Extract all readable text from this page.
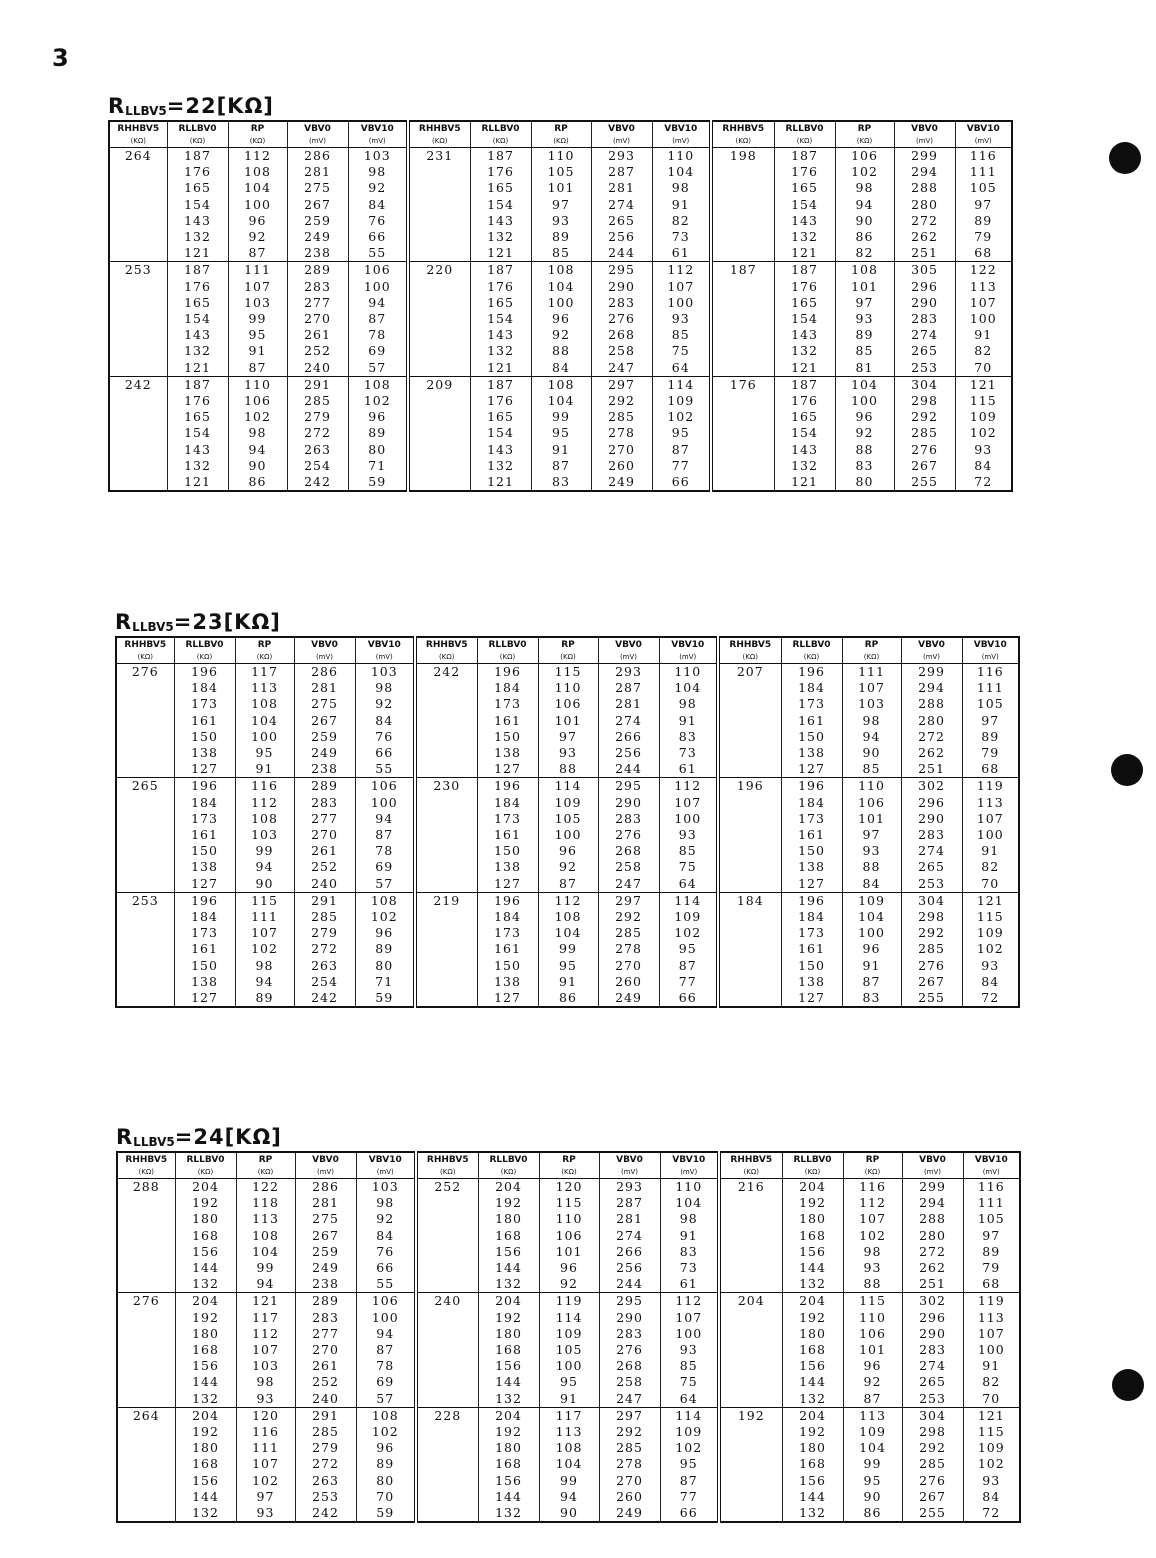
3
RLLBV5=22[KΩ]
RHHBV5	RLLBV0	RP	VBV0	VBV10	RHHBV5	RLLBV0	RP	VBV0	VBV10	RHHBV5	RLLBV0	RP	VBV0	VBV10
(KΩ)	(KΩ)	(KΩ)	(mV)	(mV)	(KΩ)	(KΩ)	(KΩ)	(mV)	(mV)	(KΩ)	(KΩ)	(KΩ)	(mV)	(mV)
264	187	112	286	103	231	187	110	293	110	198	187	106	299	116
	176	108	281	98		176	105	287	104		176	102	294	111
	165	104	275	92		165	101	281	98		165	98	288	105
	154	100	267	84		154	97	274	91		154	94	280	97
	143	96	259	76		143	93	265	82		143	90	272	89
	132	92	249	66		132	89	256	73		132	86	262	79
	121	87	238	55		121	85	244	61		121	82	251	68
253	187	111	289	106	220	187	108	295	112	187	187	108	305	122
	176	107	283	100		176	104	290	107		176	101	296	113
	165	103	277	94		165	100	283	100		165	97	290	107
	154	99	270	87		154	96	276	93		154	93	283	100
	143	95	261	78		143	92	268	85		143	89	274	91
	132	91	252	69		132	88	258	75		132	85	265	82
	121	87	240	57		121	84	247	64		121	81	253	70
242	187	110	291	108	209	187	108	297	114	176	187	104	304	121
	176	106	285	102		176	104	292	109		176	100	298	115
	165	102	279	96		165	99	285	102		165	96	292	109
	154	98	272	89		154	95	278	95		154	92	285	102
	143	94	263	80		143	91	270	87		143	88	276	93
	132	90	254	71		132	87	260	77		132	83	267	84
	121	86	242	59		121	83	249	66		121	80	255	72
RLLBV5=23[KΩ]
RHHBV5	RLLBV0	RP	VBV0	VBV10	RHHBV5	RLLBV0	RP	VBV0	VBV10	RHHBV5	RLLBV0	RP	VBV0	VBV10
(KΩ)	(KΩ)	(KΩ)	(mV)	(mV)	(KΩ)	(KΩ)	(KΩ)	(mV)	(mV)	(KΩ)	(KΩ)	(KΩ)	(mV)	(mV)
276	196	117	286	103	242	196	115	293	110	207	196	111	299	116
	184	113	281	98		184	110	287	104		184	107	294	111
	173	108	275	92		173	106	281	98		173	103	288	105
	161	104	267	84		161	101	274	91		161	98	280	97
	150	100	259	76		150	97	266	83		150	94	272	89
	138	95	249	66		138	93	256	73		138	90	262	79
	127	91	238	55		127	88	244	61		127	85	251	68
265	196	116	289	106	230	196	114	295	112	196	196	110	302	119
	184	112	283	100		184	109	290	107		184	106	296	113
	173	108	277	94		173	105	283	100		173	101	290	107
	161	103	270	87		161	100	276	93		161	97	283	100
	150	99	261	78		150	96	268	85		150	93	274	91
	138	94	252	69		138	92	258	75		138	88	265	82
	127	90	240	57		127	87	247	64		127	84	253	70
253	196	115	291	108	219	196	112	297	114	184	196	109	304	121
	184	111	285	102		184	108	292	109		184	104	298	115
	173	107	279	96		173	104	285	102		173	100	292	109
	161	102	272	89		161	99	278	95		161	96	285	102
	150	98	263	80		150	95	270	87		150	91	276	93
	138	94	254	71		138	91	260	77		138	87	267	84
	127	89	242	59		127	86	249	66		127	83	255	72
RLLBV5=24[KΩ]
RHHBV5	RLLBV0	RP	VBV0	VBV10	RHHBV5	RLLBV0	RP	VBV0	VBV10	RHHBV5	RLLBV0	RP	VBV0	VBV10
(KΩ)	(KΩ)	(KΩ)	(mV)	(mV)	(KΩ)	(KΩ)	(KΩ)	(mV)	(mV)	(KΩ)	(KΩ)	(KΩ)	(mV)	(mV)
288	204	122	286	103	252	204	120	293	110	216	204	116	299	116
	192	118	281	98		192	115	287	104		192	112	294	111
	180	113	275	92		180	110	281	98		180	107	288	105
	168	108	267	84		168	106	274	91		168	102	280	97
	156	104	259	76		156	101	266	83		156	98	272	89
	144	99	249	66		144	96	256	73		144	93	262	79
	132	94	238	55		132	92	244	61		132	88	251	68
276	204	121	289	106	240	204	119	295	112	204	204	115	302	119
	192	117	283	100		192	114	290	107		192	110	296	113
	180	112	277	94		180	109	283	100		180	106	290	107
	168	107	270	87		168	105	276	93		168	101	283	100
	156	103	261	78		156	100	268	85		156	96	274	91
	144	98	252	69		144	95	258	75		144	92	265	82
	132	93	240	57		132	91	247	64		132	87	253	70
264	204	120	291	108	228	204	117	297	114	192	204	113	304	121
	192	116	285	102		192	113	292	109		192	109	298	115
	180	111	279	96		180	108	285	102		180	104	292	109
	168	107	272	89		168	104	278	95		168	99	285	102
	156	102	263	80		156	99	270	87		156	95	276	93
	144	97	253	70		144	94	260	77		144	90	267	84
	132	93	242	59		132	90	249	66		132	86	255	72
